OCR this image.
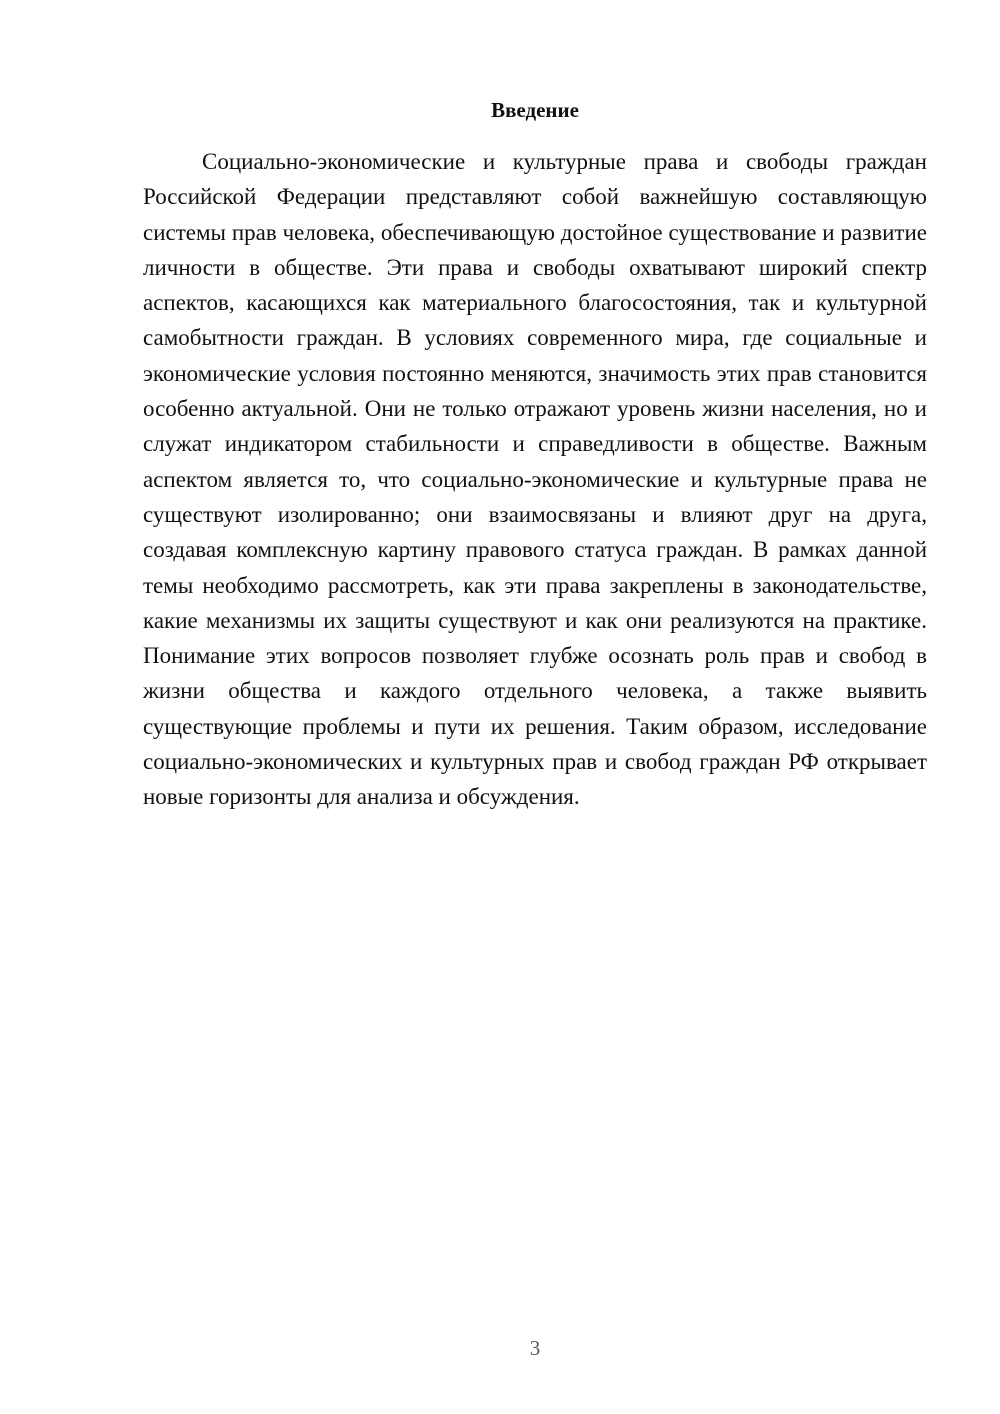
Введение

Социально-экономические и культурные права и свободы граждан Российской Федерации представляют собой важнейшую составляющую системы прав человека, обеспечивающую достойное существование и развитие личности в обществе. Эти права и свободы охватывают широкий спектр аспектов, касающихся как материального благосостояния, так и культурной самобытности граждан. В условиях современного мира, где социальные и экономические условия постоянно меняются, значимость этих прав становится особенно актуальной. Они не только отражают уровень жизни населения, но и служат индикатором стабильности и справедливости в обществе. Важным аспектом является то, что социально-экономические и культурные права не существуют изолированно; они взаимосвязаны и влияют друг на друга, создавая комплексную картину правового статуса граждан. В рамках данной темы необходимо рассмотреть, как эти права закреплены в законодательстве, какие механизмы их защиты существуют и как они реализуются на практике. Понимание этих вопросов позволяет глубже осознать роль прав и свобод в жизни общества и каждого отдельного человека, а также выявить существующие проблемы и пути их решения. Таким образом, исследование социально-экономических и культурных прав и свобод граждан РФ открывает новые горизонты для анализа и обсуждения.

3
